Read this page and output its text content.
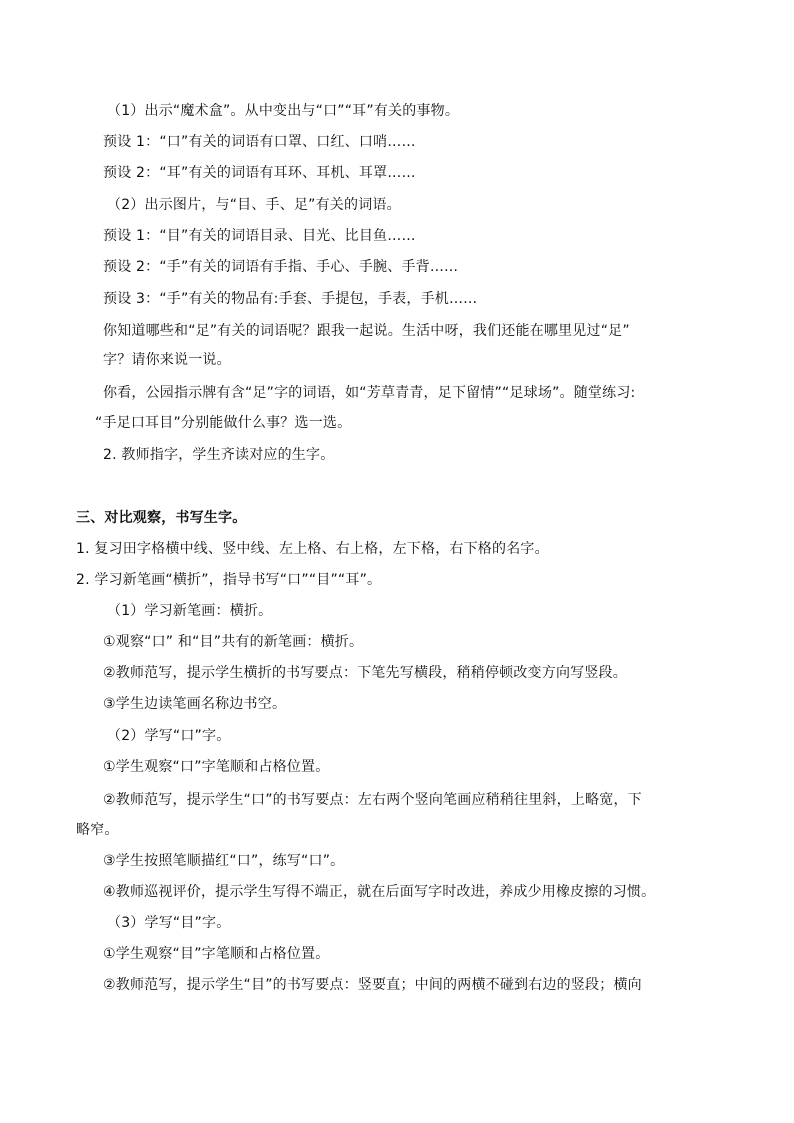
（1）出示“魔术盒”。从中变出与“口”“耳”有关的事物。
预设 1：“口”有关的词语有口罩、口红、口哨……
预设 2：“耳”有关的词语有耳环、耳机、耳罩……
（2）出示图片，与“目、手、足”有关的词语。
预设 1：“目”有关的词语目录、目光、比目鱼……
预设 2：“手”有关的词语有手指、手心、手腕、手背……
预设 3：“手”有关的物品有:手套、手提包，手表，手机……
你知道哪些和“足”有关的词语呢？跟我一起说。生活中呀，我们还能在哪里见过“足”
字？请你来说一说。
你看，公园指示牌有含“足”字的词语，如“芳草青青，足下留情”“足球场”。随堂练习:
“手足口耳目”分别能做什么事？选一选。
2. 教师指字，学生齐读对应的生字。
三、对比观察，书写生字。
1. 复习田字格横中线、竖中线、左上格、右上格，左下格，右下格的名字。
2. 学习新笔画“横折”，指导书写“口”“目”“耳”。
（1）学习新笔画：横折。
①观察“口” 和“目”共有的新笔画：横折。
②教师范写，提示学生横折的书写要点：下笔先写横段，稍稍停顿改变方向写竖段。
③学生边读笔画名称边书空。
（2）学写“口”字。
①学生观察“口”字笔顺和占格位置。
②教师范写，提示学生“口”的书写要点：左右两个竖向笔画应稍稍往里斜，上略宽，下
略窄。
③学生按照笔顺描红“口”，练写“口”。
④教师巡视评价，提示学生写得不端正，就在后面写字时改进，养成少用橡皮擦的习惯。
（3）学写“目”字。
①学生观察“目”字笔顺和占格位置。
②教师范写，提示学生“目”的书写要点：竖要直；中间的两横不碰到右边的竖段；横向
